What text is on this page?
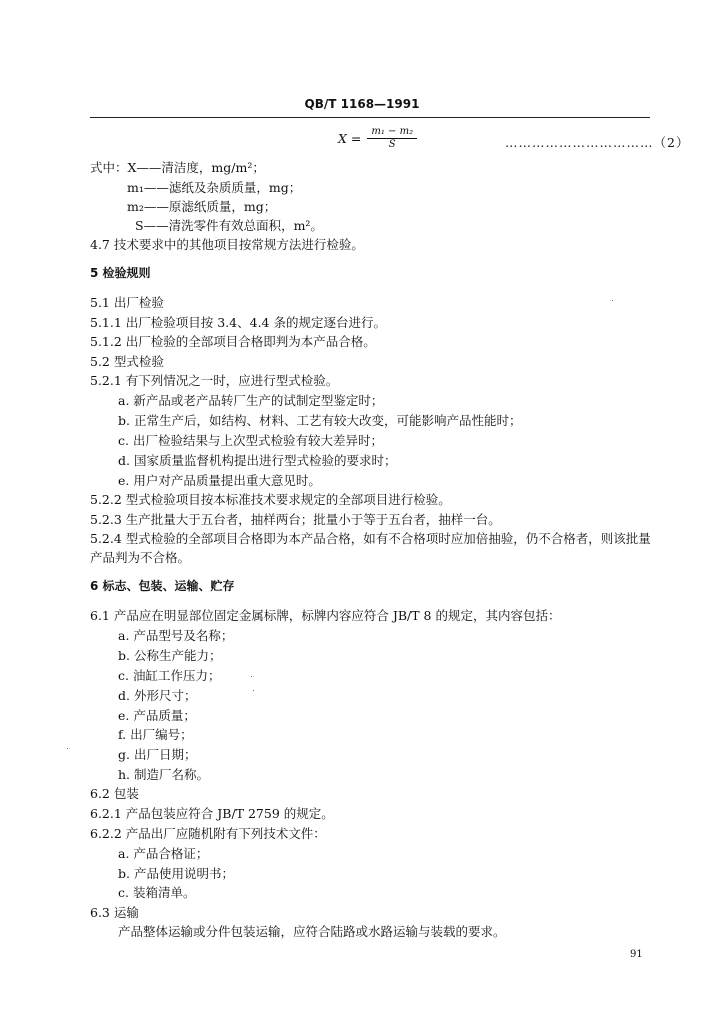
QB/T 1168—1991
$X = \frac{\text{m₁ − m₂}}{S}$	……………………………（2）
式中：X——清洁度，mg/m²；
m₁——滤纸及杂质质量，mg；
m₂——原滤纸质量，mg；
S——清洗零件有效总面积，m²。
4.7 技术要求中的其他项目按常规方法进行检验。
5 检验规则
5.1 出厂检验
5.1.1 出厂检验项目按 3.4、4.4 条的规定逐台进行。
5.1.2 出厂检验的全部项目合格即判为本产品合格。
5.2 型式检验
5.2.1 有下列情况之一时，应进行型式检验。
a. 新产品或老产品转厂生产的试制定型鉴定时；
b. 正常生产后，如结构、材料、工艺有较大改变，可能影响产品性能时；
c. 出厂检验结果与上次型式检验有较大差异时；
d. 国家质量监督机构提出进行型式检验的要求时；
e. 用户对产品质量提出重大意见时。
5.2.2 型式检验项目按本标准技术要求规定的全部项目进行检验。
5.2.3 生产批量大于五台者，抽样两台；批量小于等于五台者，抽样一台。
5.2.4 型式检验的全部项目合格即为本产品合格，如有不合格项时应加倍抽验，仍不合格者，则该批量
产品判为不合格。
6 标志、包装、运输、贮存
6.1 产品应在明显部位固定金属标牌，标牌内容应符合 JB/T 8 的规定，其内容包括：
a. 产品型号及名称；
b. 公称生产能力；
c. 油缸工作压力；
d. 外形尺寸；
e. 产品质量；
f. 出厂编号；
g. 出厂日期；
h. 制造厂名称。
6.2 包装
6.2.1 产品包装应符合 JB/T 2759 的规定。
6.2.2 产品出厂应随机附有下列技术文件：
a. 产品合格证；
b. 产品使用说明书；
c. 装箱清单。
6.3 运输
产品整体运输或分件包装运输，应符合陆路或水路运输与装载的要求。
91
